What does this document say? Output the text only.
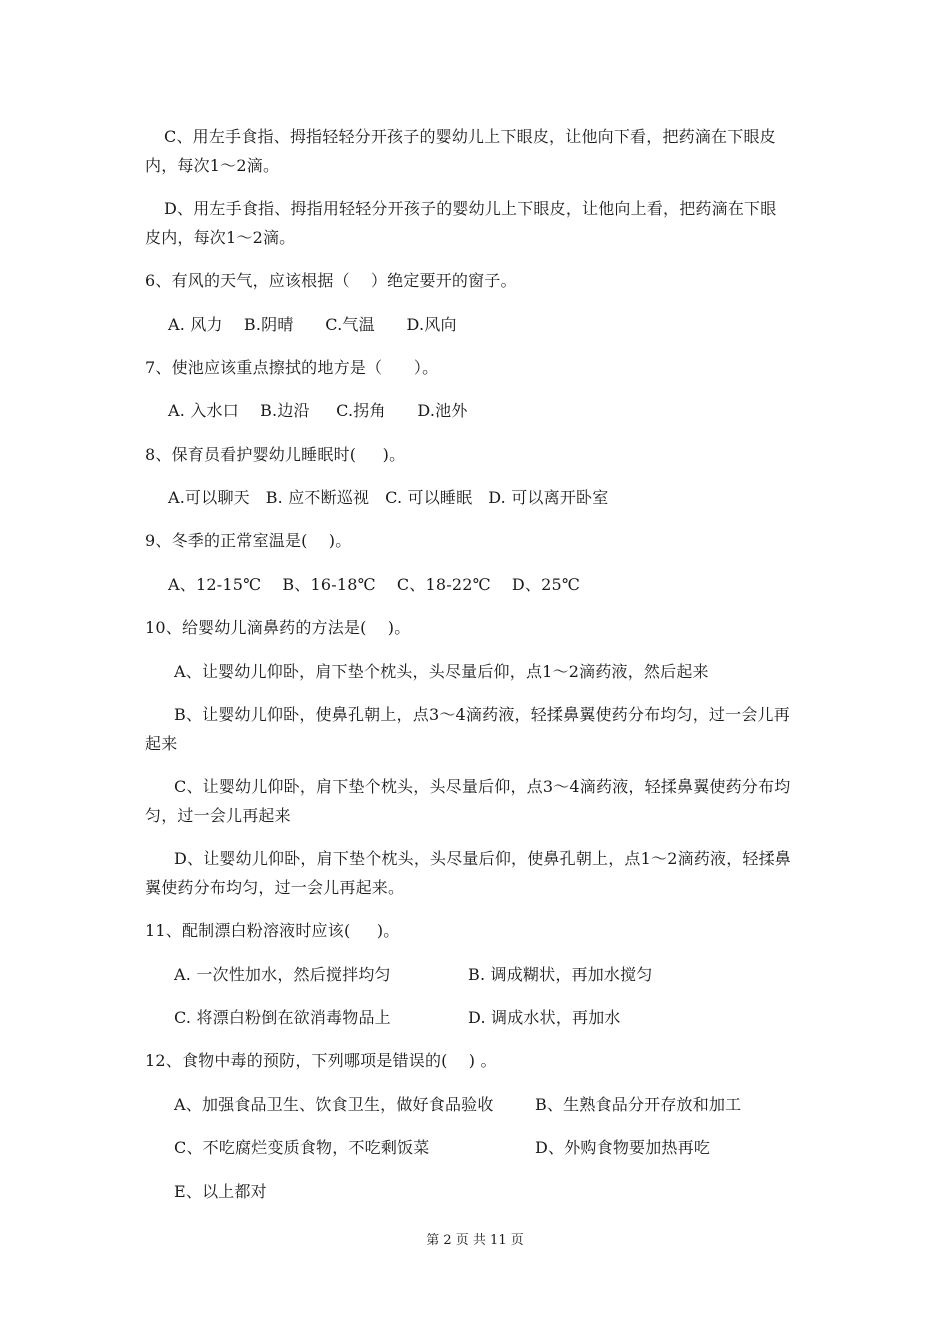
C、用左手食指、拇指轻轻分开孩子的婴幼儿上下眼皮，让他向下看，把药滴在下眼皮
内，每次1～2滴。
D、用左手食指、拇指用轻轻分开孩子的婴幼儿上下眼皮，让他向上看，把药滴在下眼
皮内，每次1～2滴。
6、有风的天气，应该根据（    ）绝定要开的窗子。
A. 风力    B.阴晴      C.气温      D.风向
7、使池应该重点擦拭的地方是（      ）。
A. 入水口    B.边沿     C.拐角      D.池外
8、保育员看护婴幼儿睡眠时(     )。
A.可以聊天   B. 应不断巡视   C. 可以睡眠   D. 可以离开卧室
9、冬季的正常室温是(    )。
A、12-15℃    B、16-18℃    C、18-22℃    D、25℃
10、给婴幼儿滴鼻药的方法是(    )。
A、让婴幼儿仰卧，肩下垫个枕头，头尽量后仰，点1～2滴药液，然后起来
B、让婴幼儿仰卧，使鼻孔朝上，点3～4滴药液，轻揉鼻翼使药分布均匀，过一会儿再
起来
C、让婴幼儿仰卧，肩下垫个枕头，头尽量后仰，点3～4滴药液，轻揉鼻翼使药分布均
匀，过一会儿再起来
D、让婴幼儿仰卧，肩下垫个枕头，头尽量后仰，使鼻孔朝上，点1～2滴药液，轻揉鼻
翼使药分布均匀，过一会儿再起来。
11、配制漂白粉溶液时应该(     )。
A. 一次性加水，然后搅拌均匀	B. 调成糊状，再加水搅匀
C. 将漂白粉倒在欲消毒物品上	D. 调成水状，再加水
12、食物中毒的预防，下列哪项是错误的(    ) 。
A、加强食品卫生、饮食卫生，做好食品验收	B、生熟食品分开存放和加工
C、不吃腐烂变质食物，不吃剩饭菜	D、外购食物要加热再吃
E、以上都对
第 2 页 共 11 页
